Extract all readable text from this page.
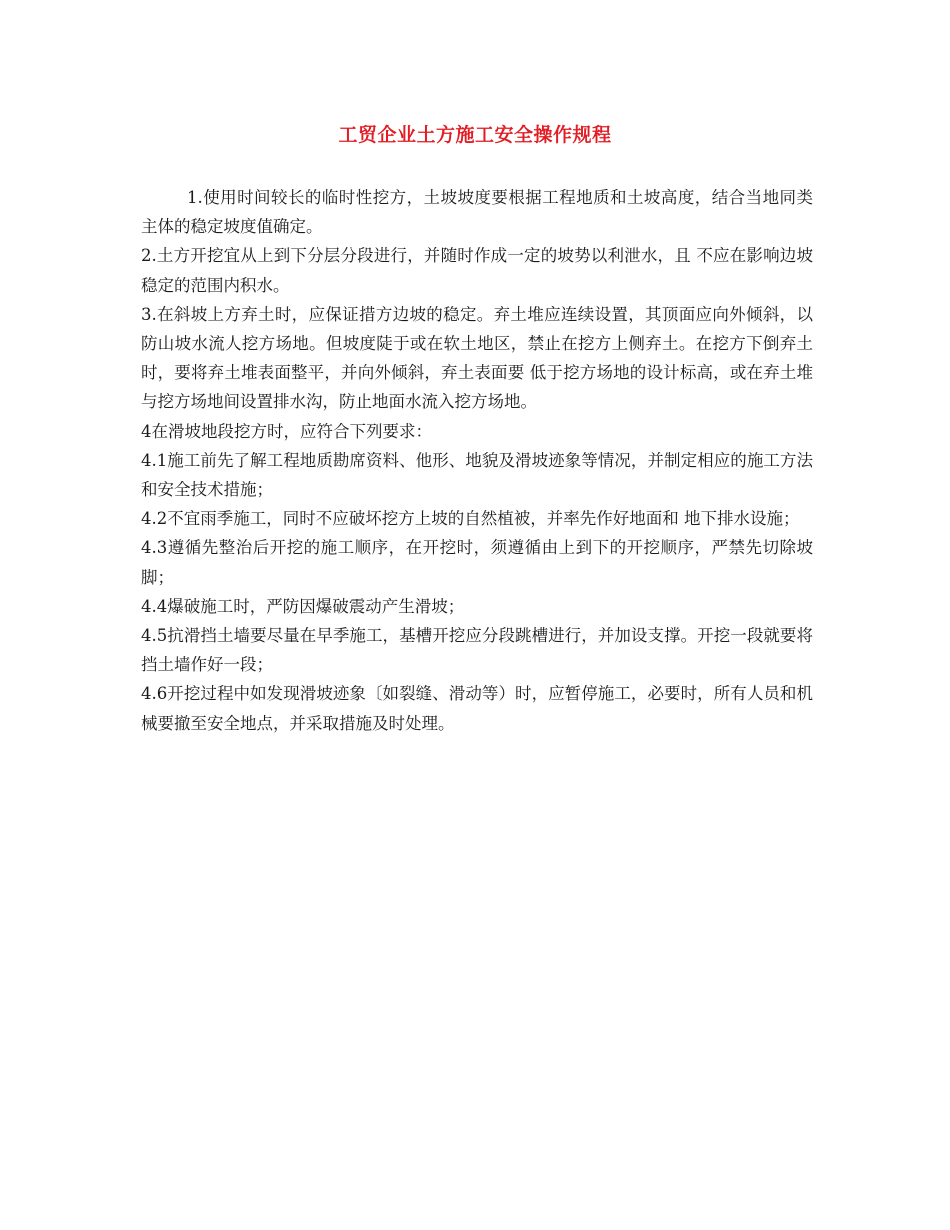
工贸企业土方施工安全操作规程

1.使用时间较长的临时性挖方，土坡坡度要根据工程地质和土坡高度，结合当地同类主体的稳定坡度值确定。

2.土方开挖宜从上到下分层分段进行，并随时作成一定的坡势以利泄水，且 不应在影响边坡稳定的范围内积水。

3.在斜坡上方弃土时，应保证措方边坡的稳定。弃土堆应连续设置，其顶面应向外倾斜，以防山坡水流人挖方场地。但坡度陡于或在软土地区，禁止在挖方上侧弃土。在挖方下倒弃土时，要将弃土堆表面整平，并向外倾斜，弃土表面要 低于挖方场地的设计标高，或在弃土堆与挖方场地间设置排水沟，防止地面水流入挖方场地。

4在滑坡地段挖方时，应符合下列要求：

4.1施工前先了解工程地质勘席资料、他形、地貌及滑坡迹象等情况，并制定相应的施工方法和安全技术措施；

4.2不宜雨季施工，同时不应破坏挖方上坡的自然植被，并率先作好地面和 地下排水设施；

4.3遵循先整治后开挖的施工顺序，在开挖时，须遵循由上到下的开挖顺序，严禁先切除坡脚；

4.4爆破施工时，严防因爆破震动产生滑坡；

4.5抗滑挡土墙要尽量在早季施工，基槽开挖应分段跳槽进行，并加设支撑。开挖一段就要将挡土墙作好一段；

4.6开挖过程中如发现滑坡迹象〔如裂缝、滑动等）时，应暂停施工，必要时，所有人员和机械要撤至安全地点，并采取措施及时处理。
